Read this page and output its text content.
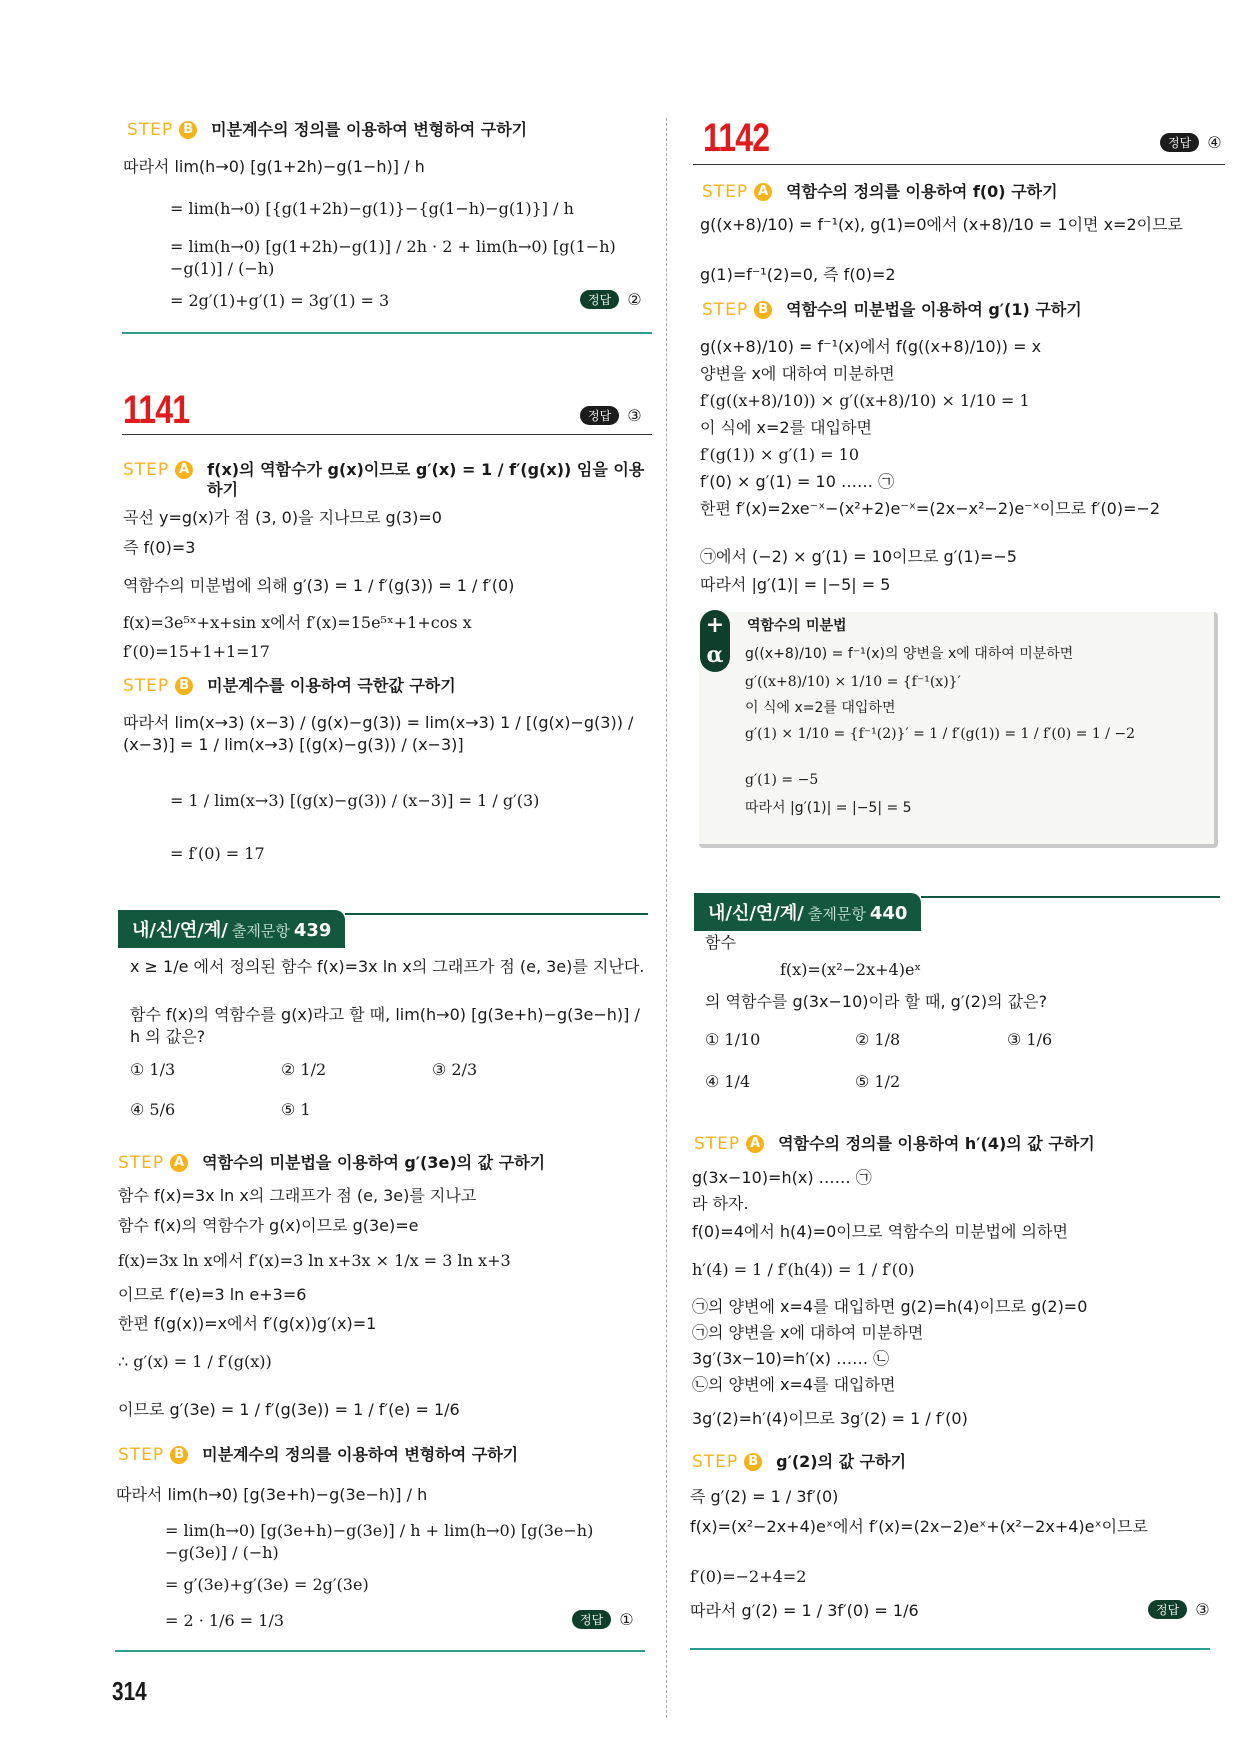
STEP B 미분계수의 정의를 이용하여 변형하여 구하기
따라서 lim(h→0) [g(1+2h)−g(1−h)] / h
= lim(h→0) [{g(1+2h)−g(1)}−{g(1−h)−g(1)}] / h
= lim(h→0) [g(1+2h)−g(1)] / 2h · 2 + lim(h→0) [g(1−h)−g(1)] / (−h)
= 2g′(1)+g′(1) = 3g′(1) = 3	정답	②
1141	정답	③
STEP A f(x)의 역함수가 g(x)이므로 g′(x) = 1 / f′(g(x)) 임을 이용하기
곡선 y=g(x)가 점 (3, 0)을 지나므로 g(3)=0
즉 f(0)=3
역함수의 미분법에 의해 g′(3) = 1 / f′(g(3)) = 1 / f′(0)
f(x)=3e⁵ˣ+x+sin x에서 f′(x)=15e⁵ˣ+1+cos x
f′(0)=15+1+1=17
STEP B 미분계수를 이용하여 극한값 구하기
따라서 lim(x→3) (x−3) / (g(x)−g(3)) = lim(x→3) 1 / [(g(x)−g(3)) / (x−3)] = 1 / lim(x→3) [(g(x)−g(3)) / (x−3)]
= 1 / lim(x→3) [(g(x)−g(3)) / (x−3)] = 1 / g′(3)
= f′(0) = 17
내/신/연/계/ 출제문항 439
x ≥ 1/e 에서 정의된 함수 f(x)=3x ln x의 그래프가 점 (e, 3e)를 지난다.
함수 f(x)의 역함수를 g(x)라고 할 때, lim(h→0) [g(3e+h)−g(3e−h)] / h 의 값은?
① 1/3	② 1/2	③ 2/3
④ 5/6	⑤ 1
STEP A 역함수의 미분법을 이용하여 g′(3e)의 값 구하기
함수 f(x)=3x ln x의 그래프가 점 (e, 3e)를 지나고
함수 f(x)의 역함수가 g(x)이므로 g(3e)=e
f(x)=3x ln x에서 f′(x)=3 ln x+3x × 1/x = 3 ln x+3
이므로 f′(e)=3 ln e+3=6
한편 f(g(x))=x에서 f′(g(x))g′(x)=1
∴ g′(x) = 1 / f′(g(x))
이므로 g′(3e) = 1 / f′(g(3e)) = 1 / f′(e) = 1/6
STEP B 미분계수의 정의를 이용하여 변형하여 구하기
따라서 lim(h→0) [g(3e+h)−g(3e−h)] / h
= lim(h→0) [g(3e+h)−g(3e)] / h + lim(h→0) [g(3e−h)−g(3e)] / (−h)
= g′(3e)+g′(3e) = 2g′(3e)
= 2 · 1/6 = 1/3	정답	①
314
1142	정답	④
STEP A 역함수의 정의를 이용하여 f(0) 구하기
g((x+8)/10) = f⁻¹(x), g(1)=0에서 (x+8)/10 = 1이면 x=2이므로
g(1)=f⁻¹(2)=0, 즉 f(0)=2
STEP B 역함수의 미분법을 이용하여 g′(1) 구하기
g((x+8)/10) = f⁻¹(x)에서 f(g((x+8)/10)) = x
양변을 x에 대하여 미분하면
f′(g((x+8)/10)) × g′((x+8)/10) × 1/10 = 1
이 식에 x=2를 대입하면
f′(g(1)) × g′(1) = 10
f′(0) × g′(1) = 10 …… ㉠
한편 f′(x)=2xe⁻ˣ−(x²+2)e⁻ˣ=(2x−x²−2)e⁻ˣ이므로 f′(0)=−2
㉠에서 (−2) × g′(1) = 10이므로 g′(1)=−5
따라서 |g′(1)| = |−5| = 5
+
α
역함수의 미분법
g((x+8)/10) = f⁻¹(x)의 양변을 x에 대하여 미분하면
g′((x+8)/10) × 1/10 = {f⁻¹(x)}′
이 식에 x=2를 대입하면
g′(1) × 1/10 = {f⁻¹(2)}′ = 1 / f′(g(1)) = 1 / f′(0) = 1 / −2
g′(1) = −5
따라서 |g′(1)| = |−5| = 5
내/신/연/계/ 출제문항 440
함수
f(x)=(x²−2x+4)eˣ
의 역함수를 g(3x−10)이라 할 때, g′(2)의 값은?
① 1/10	② 1/8	③ 1/6
④ 1/4	⑤ 1/2
STEP A 역함수의 정의를 이용하여 h′(4)의 값 구하기
g(3x−10)=h(x) …… ㉠
라 하자.
f(0)=4에서 h(4)=0이므로 역함수의 미분법에 의하면
h′(4) = 1 / f′(h(4)) = 1 / f′(0)
㉠의 양변에 x=4를 대입하면 g(2)=h(4)이므로 g(2)=0
㉠의 양변을 x에 대하여 미분하면
3g′(3x−10)=h′(x) …… ㉡
㉡의 양변에 x=4를 대입하면
3g′(2)=h′(4)이므로 3g′(2) = 1 / f′(0)
STEP B g′(2)의 값 구하기
즉 g′(2) = 1 / 3f′(0)
f(x)=(x²−2x+4)eˣ에서 f′(x)=(2x−2)eˣ+(x²−2x+4)eˣ이므로
f′(0)=−2+4=2
따라서 g′(2) = 1 / 3f′(0) = 1/6	정답	③
